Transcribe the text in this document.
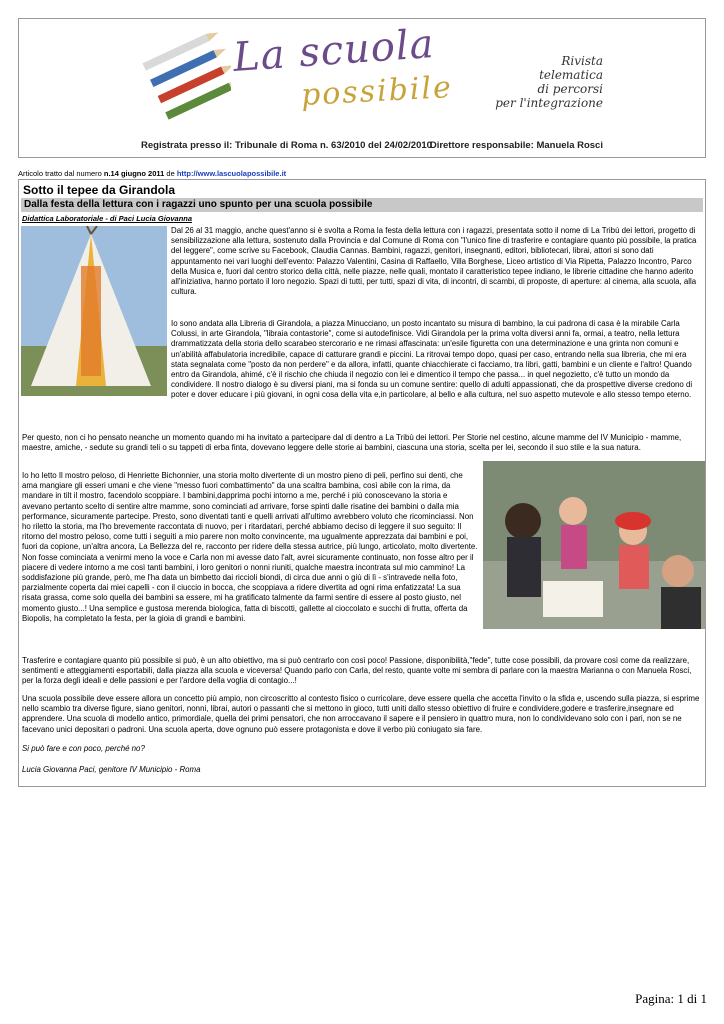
La scuola
possibile
Rivista
telematica
di percorsi
per l'integrazione
Registrata presso il: Tribunale di Roma n. 63/2010 del 24/02/2010
Direttore responsabile: Manuela Rosci
Articolo tratto dal numero n.14 giugno 2011 de http://www.lascuolapossibile.it
Sotto il tepee da Girandola
Dalla festa della lettura con i ragazzi uno spunto per una scuola possibile
Didattica Laboratoriale - di Paci Lucia Giovanna

Dal 26 al 31 maggio, anche quest'anno si è svolta a Roma la festa della lettura con i ragazzi, presentata sotto il nome di La Tribù dei lettori, progetto di sensibilizzazione alla lettura, sostenuto dalla Provincia e dal Comune di Roma con "l'unico fine di trasferire e contagiare quanto più possibile, la pratica del leggere", come scrive su Facebook, Claudia Cannas. Bambini, ragazzi, genitori, insegnanti, editori, bibliotecari, librai, attori si sono dati appuntamento nei vari luoghi dell'evento: Palazzo Valentini, Casina di Raffaello, Villa Borghese, Liceo artistico di Via Ripetta, Palazzo Incontro, Parco della Musica e, fuori dal centro storico della città, nelle piazze, nelle quali, montato il caratteristico tepee indiano, le librerie cittadine che hanno aderito all'iniziativa, hanno portato il loro negozio. Spazi di tutti, per tutti, spazi di vita, di incontri, di scambi, di proposte, di aperture: al cinema, alla scuola, alla cultura.

Io sono andata alla Libreria di Girandola, a piazza Minucciano, un posto incantato su misura di bambino, la cui padrona di casa è la mirabile Carla Colussi, in arte Girandola, "libraia contastorie", come si autodefinisce. Vidi Girandola per la prima volta diversi anni fa, ormai, a teatro, nella lettura drammatizzata della storia dello scarabeo stercorario e ne rimasi affascinata: un'esile figuretta con una determinazione e una grinta non comuni e un'abilità affabulatoria incredibile, capace di catturare grandi e piccini. La ritrovai tempo dopo, quasi per caso, entrando nella sua libreria, che mi era stata segnalata come "posto da non perdere" e da allora, infatti, quante chiacchierate ci facciamo, tra libri, gatti, bambini e un cliente e l'altro! Quando entro da Girandola, ahimé, c'è il rischio che chiuda il negozio con lei e dimentico il tempo che passa... in quel negozietto, c'è tutto un mondo da condividere. Il nostro dialogo è su diversi piani, ma si fonda su un comune sentire: quello di adulti appassionati, che da prospettive diverse credono di poter e dover educare i più giovani, in ogni cosa della vita e,in particolare, al bello e alla cultura, nel suo aspetto mutevole e allo stesso tempo eterno.

Per questo, non ci ho pensato neanche un momento quando mi ha invitato a partecipare dal di dentro a La Tribù dei lettori. Per Storie nel cestino, alcune mamme del IV Municipio - mamme, maestre, amiche, - sedute su grandi teli o su tappeti di erba finta, dovevano leggere delle storie ai bambini, ciascuna una storia, scelta per lei, secondo il suo stile e la sua natura.

Io ho letto Il mostro peloso, di Henriette Bichonnier, una storia molto divertente di un mostro pieno di peli, perfino sui denti, che ama mangiare gli esseri umani e che viene "messo fuori combattimento" da una scaltra bambina, così abile con la rima, da mandare in tilt il mostro, facendolo scoppiare. I bambini,dapprima pochi intorno a me, perché i più conoscevano la storia e avevano pertanto scelto di sentire altre mamme, sono cominciati ad arrivare, forse spinti dalle risatine dei bambini o dalla mia performance, sicuramente partecipe. Presto, sono diventati tanti e quelli arrivati all'ultimo avrebbero voluto che ricominciassi. Non ho riletto la storia, ma l'ho brevemente raccontata di nuovo, per i ritardatari, perché abbiamo deciso di leggere il suo seguito: Il ritorno del mostro peloso, come tutti i seguiti a mio parere non molto convincente, ma ugualmente apprezzata dai bambini e poi, fuori da copione, un'altra ancora, La Bellezza del re, racconto per ridere della stessa autrice, più lungo, articolato, molto divertente. Non fosse cominciata a venirmi meno la voce e Carla non mi avesse dato l'alt, avrei sicuramente continuato, non fosse altro per il piacere di vedere intorno a me così tanti bambini, i loro genitori o nonni riuniti, qualche maestra incontrata sul mio cammino! La soddisfazione più grande, però, me l'ha data un bimbetto dai riccioli biondi, di circa due anni o giù di lì - s'intravede nella foto, parzialmente coperta dai miei capelli - con il ciuccio in bocca, che scoppiava a ridere divertita ad ogni rima enfatizzata! La sua risata grassa, come solo quella dei bambini sa essere, mi ha gratificato talmente da farmi sentire di essere al posto giusto, nel momento giusto...! Una semplice e gustosa merenda biologica, fatta di biscotti, gallette al cioccolato e succhi di frutta, offerta da Biopolis, ha completato la festa, per la gioia di grandi e bambini.

Trasferire e contagiare quanto più possibile si può, è un alto obiettivo, ma si può centrarlo con così poco! Passione, disponibilità,"fede", tutte cose possibili, da provare così come da realizzare, sentimenti e atteggiamenti esportabili, dalla piazza alla scuola e viceversa! Quando parlo con Carla, del resto, quante volte mi sembra di parlare con la maestra Marianna o con Manuela Rosci, per la forza degli ideali e delle passioni e per l'ardore della voglia di contagio...!

Una scuola possibile deve essere allora un concetto più ampio, non circoscritto al contesto fisico o curricolare, deve essere quella che accetta l'invito o la sfida e, uscendo sulla piazza, si esprime nello scambio tra diverse figure, siano genitori, nonni, librai, autori o passanti che si mettono in gioco, tutti uniti dallo stesso obiettivo di fruire e condividere,godere e trasferire,insegnare ed apprendere. Una scuola di modello antico, primordiale, quella dei primi pensatori, che non arroccavano il sapere e il pensiero in quattro mura, non lo condividevano solo con i pari, non se ne facevano unici depositari o padroni. Una scuola aperta, dove ognuno può essere protagonista e dove il verbo più coniugato sia fare.

Si può fare e con poco, perché no?

Lucia Giovanna Paci, genitore IV Municipio - Roma

Pagina: 1 di 1
